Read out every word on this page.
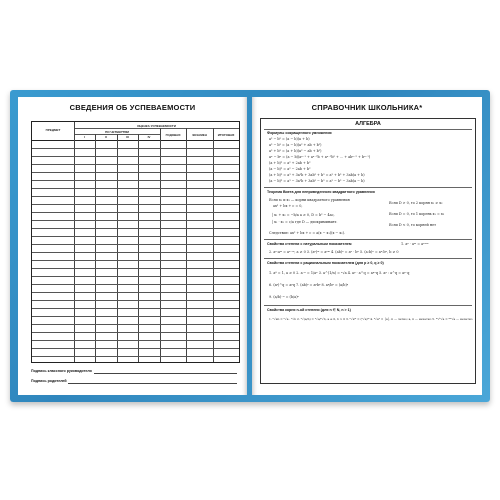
СВЕДЕНИЯ ОБ УСПЕВАЕМОСТИ
ПРЕДМЕТ
ОЦЕНКА УСПЕВАЕМОСТИ
ПО ЧЕТВЕРТЯМ
I	II	III	IV	ГОДОВАЯ	ЭКЗАМЕН	ИТОГОВАЯ
Подпись классного руководителя
Подпись родителей
СПРАВОЧНИК ШКОЛЬНИКА*
АЛГЕБРА
Формулы сокращенного умножения
a² − b² = (a − b)(a + b)
a³ − b³ = (a − b)(a² + ab + b²)
a³ + b³ = (a + b)(a² − ab + b²)
aⁿ − bⁿ = (a − b)(aⁿ⁻¹ + aⁿ⁻²b + aⁿ⁻³b² + ... + abⁿ⁻² + bⁿ⁻¹)
(a + b)² = a² + 2ab + b²
(a − b)² = a² − 2ab + b²
(a + b)³ = a³ + 3a²b + 3ab² + b³ = a³ + b³ + 3ab(a + b)
(a − b)³ = a³ − 3a²b + 3ab² − b³ = a³ − b³ − 3ab(a − b)
Теорема Виета для неприведенного квадратного уравнения
Если x₁ и x₂ — корни квадратного уравнения
ax² + bx + c = 0,
│ x₁ + x₂ = −b/a a ≠ 0, D = b² − 4ac,
│ x₁ · x₂ = c/a где D — дискриминант.
Следствие: ax² + bx + c = a(x − x₁)(x − x₂).
Если D > 0, то 2 корня x₁ ≠ x₂
Если D = 0, то 1 корень x₁ = x₂
Если D < 0, то корней нет
Свойства степени с натуральным показателем	1. aⁿ · aᵐ = aⁿ⁺ᵐ
2. aⁿ:aᵐ = aⁿ⁻ᵐ, a ≠ 0 3. (aⁿ)ᵐ = aⁿᵐ 4. (ab)ⁿ = aⁿ · bⁿ 5. (a:b)ⁿ = aⁿ:bⁿ, b ≠ 0
Свойства степени с рациональным показателем (для p ≥ 0, q ≥ 0)
1. a⁰ = 1, a ≠ 0 2. a⁻ⁿ = 1/aⁿ 3. a^(1/n) = ⁿ√a 4. aᵖ · a^q = aᵖ⁺q 5. aᵖ : a^q = aᵖ⁻q
6. (aᵖ)^q = aᵖq 7. (ab)ᵖ = aᵖbᵖ 8. aᵖ/bᵖ = (a/b)ᵖ
9. (a/b)⁻ⁿ = (b/a)ⁿ
Свойства корня n-ой степени (для n ∈ N, n > 1)
1. ⁿ√ab = ⁿ√a · ⁿ√b 2. ⁿ√(a/b) = ⁿ√a/ⁿ√b, a ≥ 0, b > 0 3. ⁿ√aᵐ = (ⁿ√a)ᵐ 4. ⁿ√aⁿ = │a│, n — четно; a, n — нечетно 5. ᵐ√ⁿ√a = ᵐⁿ√a — нечетно
